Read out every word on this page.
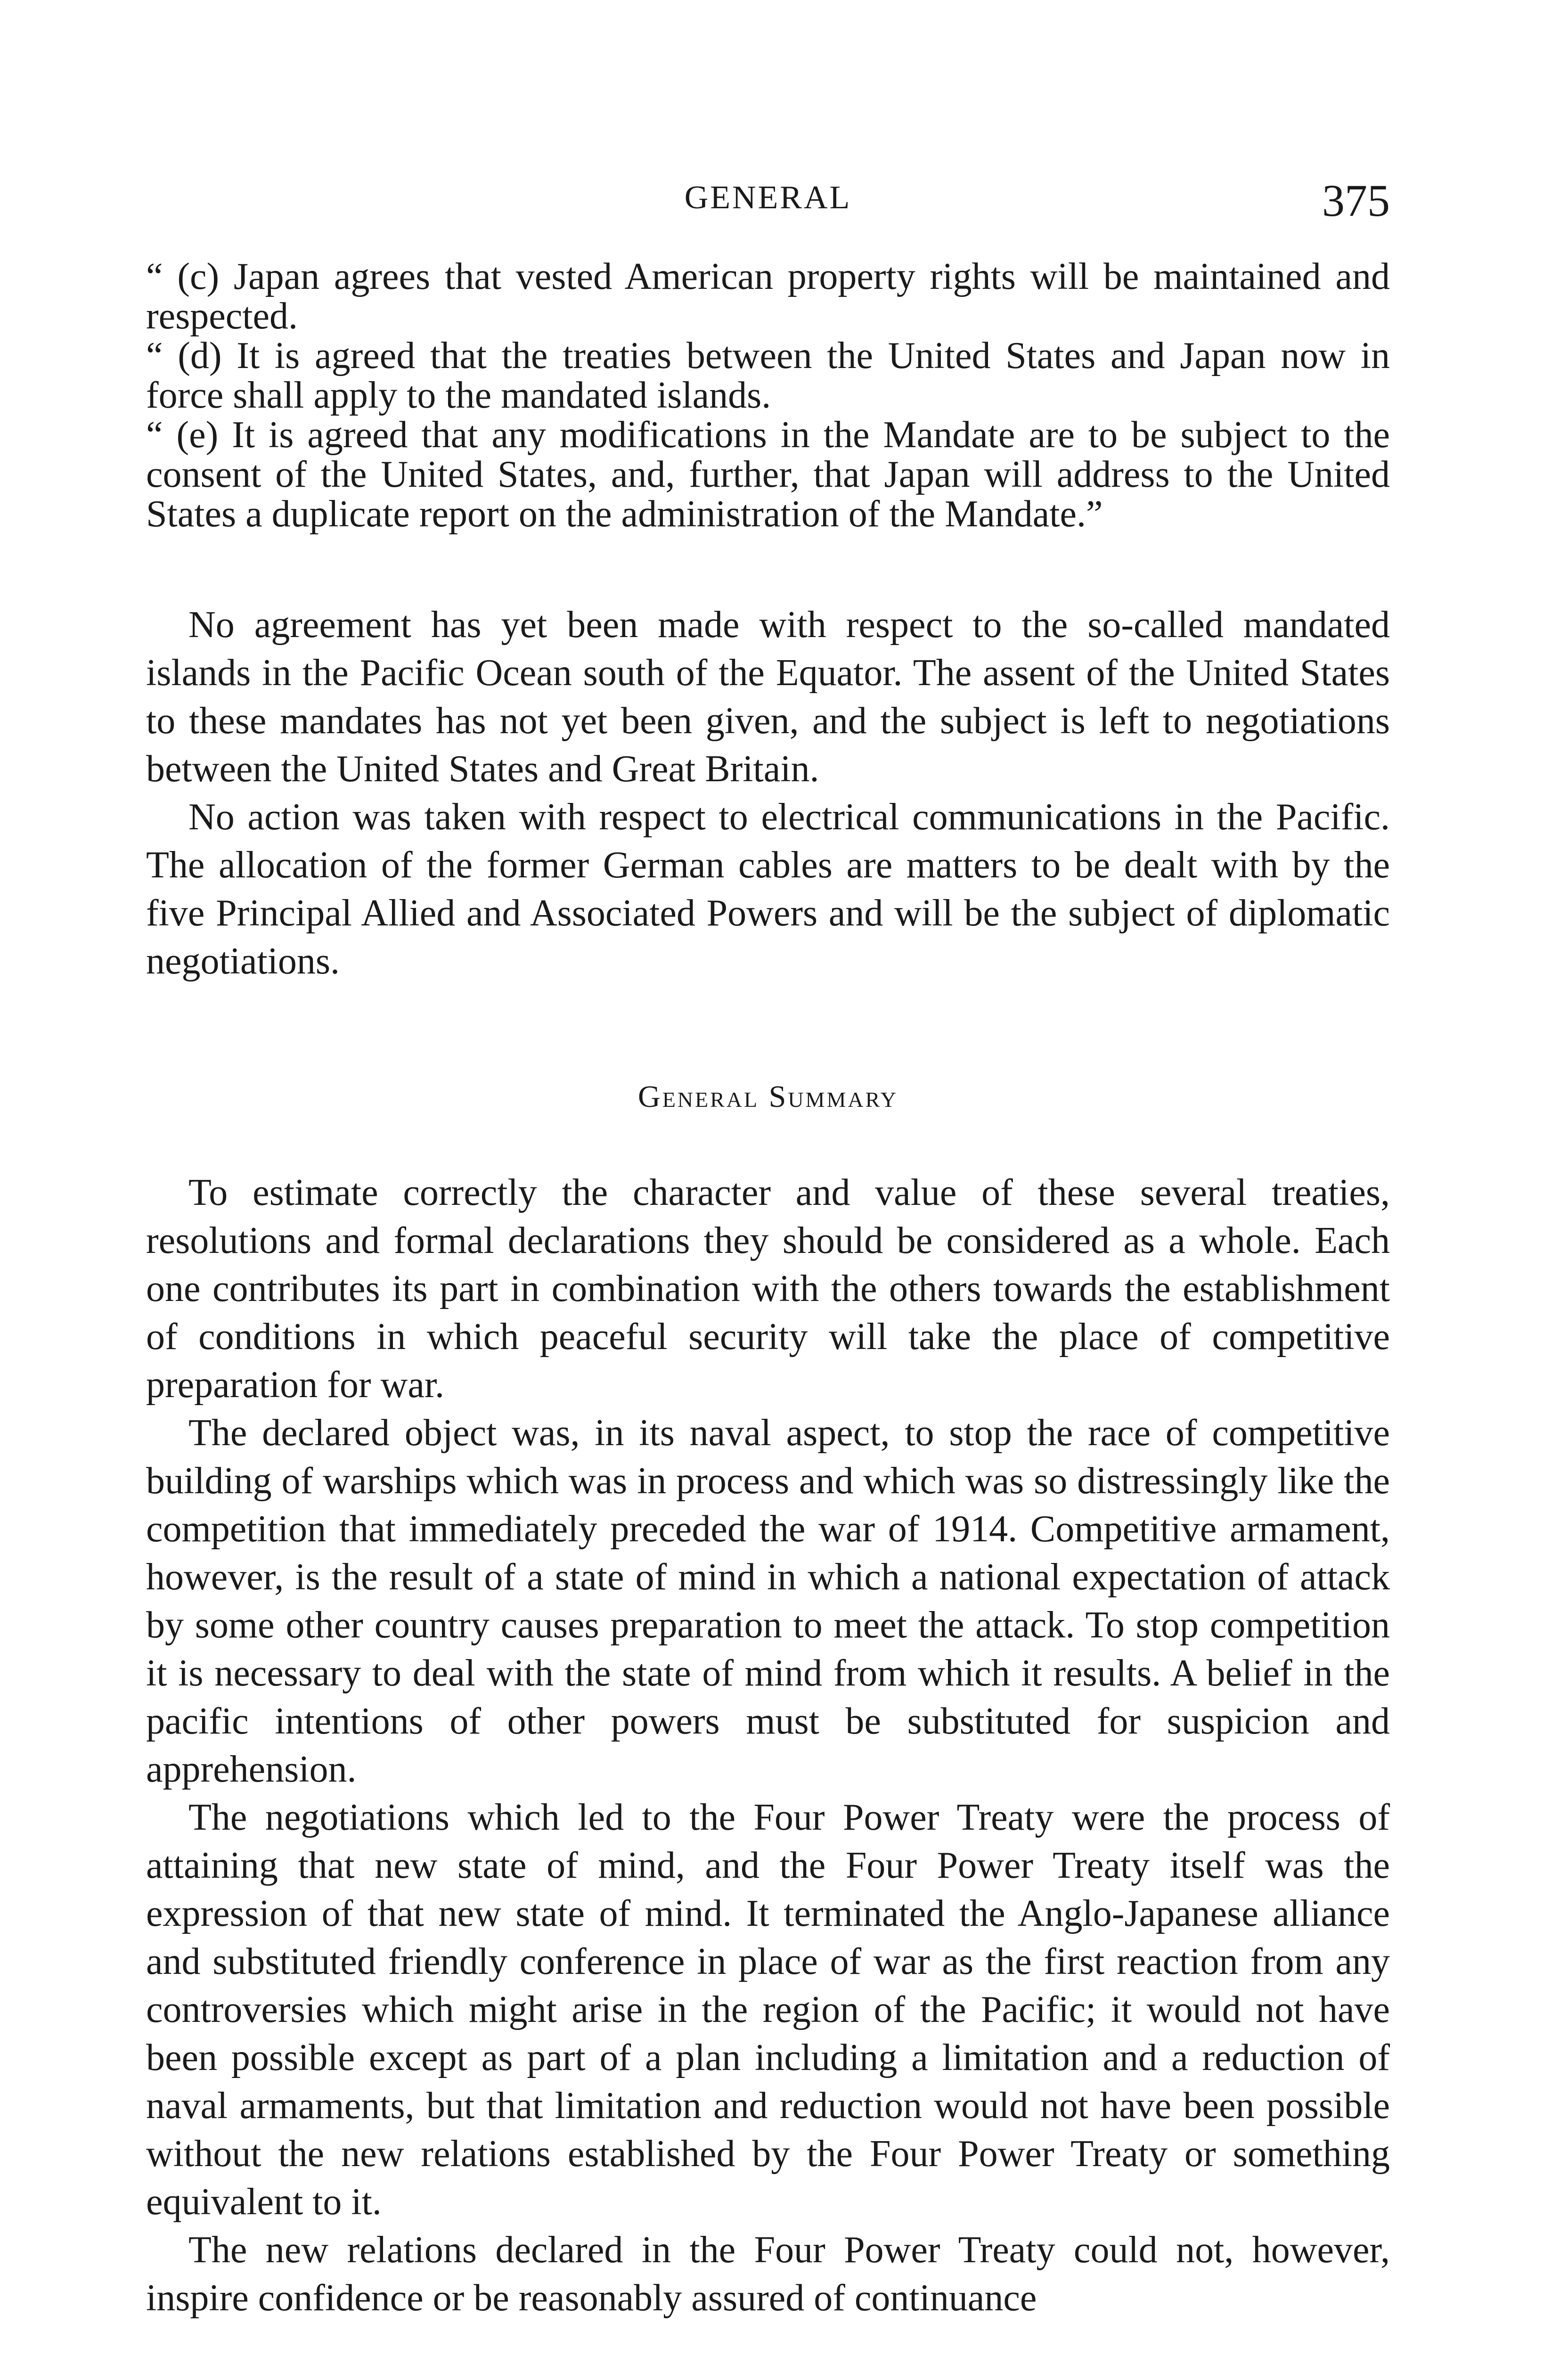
GENERAL	375

“ (c) Japan agrees that vested American property rights will be maintained and respected.

“ (d) It is agreed that the treaties between the United States and Japan now in force shall apply to the mandated islands.

“ (e) It is agreed that any modifications in the Mandate are to be subject to the consent of the United States, and, further, that Japan will address to the United States a duplicate report on the administration of the Mandate.”

No agreement has yet been made with respect to the so-called mandated islands in the Pacific Ocean south of the Equator. The assent of the United States to these mandates has not yet been given, and the subject is left to negotiations between the United States and Great Britain.

No action was taken with respect to electrical communications in the Pacific. The allocation of the former German cables are matters to be dealt with by the five Principal Allied and Associated Powers and will be the subject of diplomatic negotiations.

General Summary

To estimate correctly the character and value of these several treaties, resolutions and formal declarations they should be considered as a whole. Each one contributes its part in combination with the others towards the establishment of conditions in which peaceful security will take the place of competitive preparation for war.

The declared object was, in its naval aspect, to stop the race of competitive building of warships which was in process and which was so distressingly like the competition that immediately preceded the war of 1914. Competitive armament, however, is the result of a state of mind in which a national expectation of attack by some other country causes preparation to meet the attack. To stop competition it is necessary to deal with the state of mind from which it results. A belief in the pacific intentions of other powers must be substituted for suspicion and apprehension.

The negotiations which led to the Four Power Treaty were the process of attaining that new state of mind, and the Four Power Treaty itself was the expression of that new state of mind. It terminated the Anglo-Japanese alliance and substituted friendly conference in place of war as the first reaction from any controversies which might arise in the region of the Pacific; it would not have been possible except as part of a plan including a limitation and a reduction of naval armaments, but that limitation and reduction would not have been possible without the new relations established by the Four Power Treaty or something equivalent to it.

The new relations declared in the Four Power Treaty could not, however, inspire confidence or be reasonably assured of continuance
